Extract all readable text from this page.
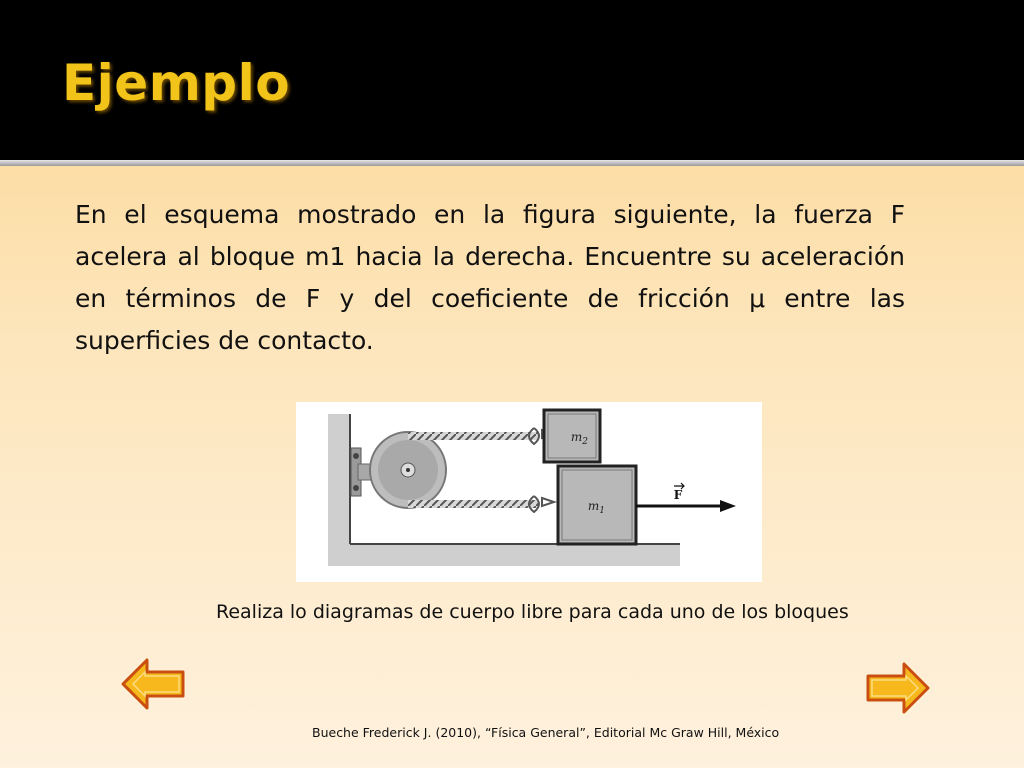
Ejemplo
En el esquema mostrado en la figura siguiente, la fuerza F acelera al bloque m1 hacia la derecha. Encuentre su aceleración en términos de F y del coeficiente de fricción μ entre las superficies de contacto.
$m_2$
$m_1$
F
Realiza lo diagramas de cuerpo libre para cada uno de los bloques
Bueche Frederick J. (2010), “Física General”, Editorial Mc Graw Hill, México
